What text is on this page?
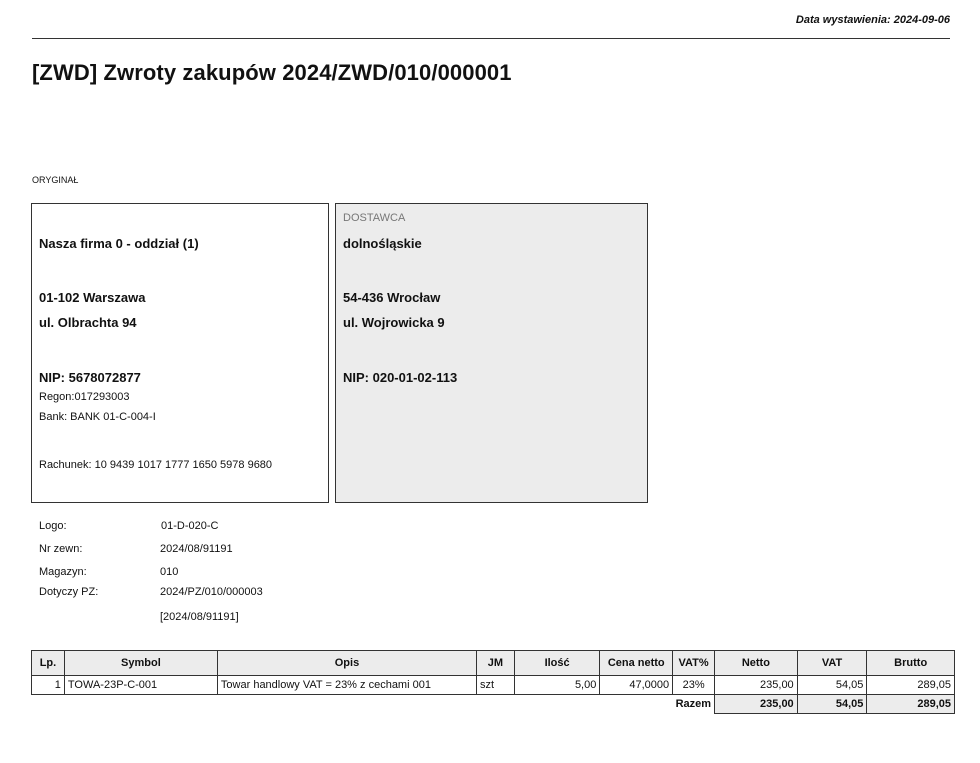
Data wystawienia: 2024-09-06
[ZWD] Zwroty zakupów 2024/ZWD/010/000001
ORYGINAŁ
Nasza firma 0 - oddział (1)
01-102 Warszawa
ul. Olbrachta 94
NIP: 5678072877
Regon:017293003
Bank: BANK 01-C-004-I
Rachunek: 10 9439 1017 1777 1650 5978 9680
DOSTAWCA
dolnośląskie
54-436 Wrocław
ul. Wojrowicka 9
NIP: 020-01-02-113
Logo:	01-D-020-C
Nr zewn:	2024/08/91191
Magazyn:	010
Dotyczy PZ:	2024/PZ/010/000003
[2024/08/91191]
Lp.	Symbol	Opis	JM	Ilość	Cena netto	VAT%	Netto	VAT	Brutto
1	TOWA-23P-C-001	Towar handlowy VAT = 23% z cechami 001	szt	5,00	47,0000	23%	235,00	54,05	289,05
						Razem	235,00	54,05	289,05
